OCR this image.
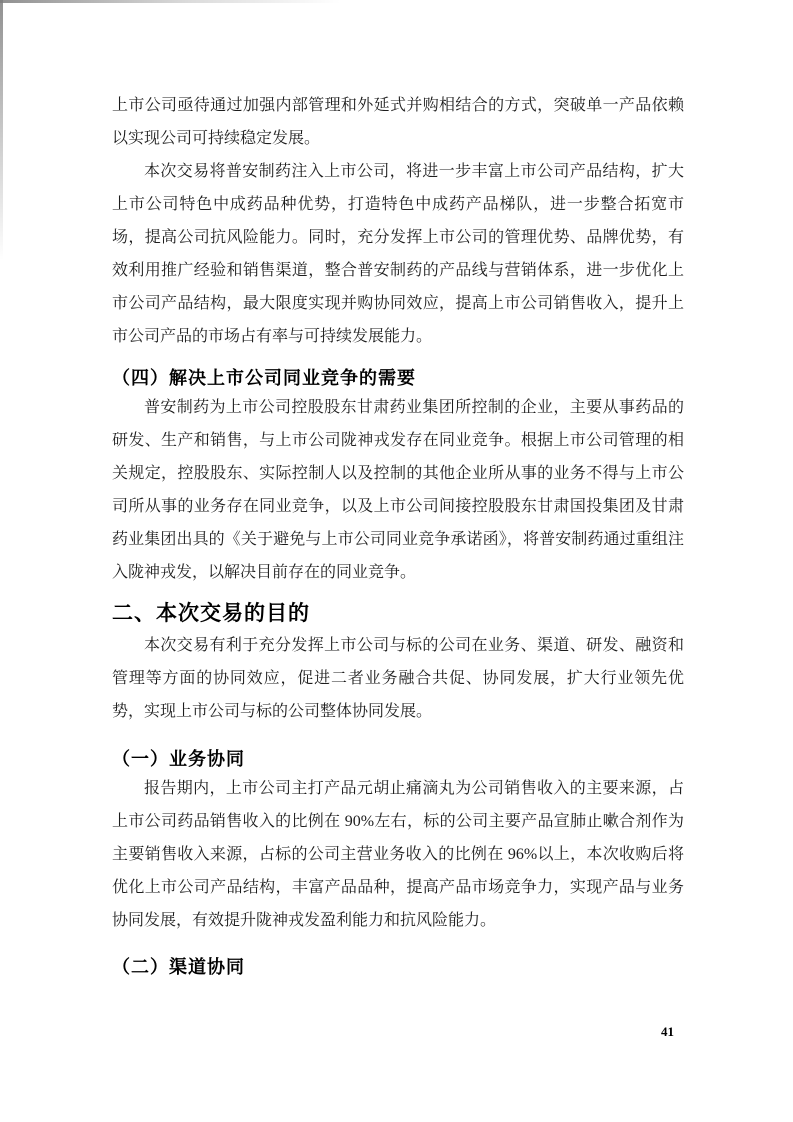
上市公司亟待通过加强内部管理和外延式并购相结合的方式，突破单一产品依赖以实现公司可持续稳定发展。

本次交易将普安制药注入上市公司，将进一步丰富上市公司产品结构，扩大上市公司特色中成药品种优势，打造特色中成药产品梯队，进一步整合拓宽市场，提高公司抗风险能力。同时，充分发挥上市公司的管理优势、品牌优势，有效利用推广经验和销售渠道，整合普安制药的产品线与营销体系，进一步优化上市公司产品结构，最大限度实现并购协同效应，提高上市公司销售收入，提升上市公司产品的市场占有率与可持续发展能力。

（四）解决上市公司同业竞争的需要

普安制药为上市公司控股股东甘肃药业集团所控制的企业，主要从事药品的研发、生产和销售，与上市公司陇神戎发存在同业竞争。根据上市公司管理的相关规定，控股股东、实际控制人以及控制的其他企业所从事的业务不得与上市公司所从事的业务存在同业竞争，以及上市公司间接控股股东甘肃国投集团及甘肃药业集团出具的《关于避免与上市公司同业竞争承诺函》，将普安制药通过重组注入陇神戎发，以解决目前存在的同业竞争。

二、本次交易的目的

本次交易有利于充分发挥上市公司与标的公司在业务、渠道、研发、融资和管理等方面的协同效应，促进二者业务融合共促、协同发展，扩大行业领先优势，实现上市公司与标的公司整体协同发展。

（一）业务协同

报告期内，上市公司主打产品元胡止痛滴丸为公司销售收入的主要来源，占上市公司药品销售收入的比例在 90%左右，标的公司主要产品宣肺止嗽合剂作为主要销售收入来源，占标的公司主营业务收入的比例在 96%以上，本次收购后将优化上市公司产品结构，丰富产品品种，提高产品市场竞争力，实现产品与业务协同发展，有效提升陇神戎发盈利能力和抗风险能力。

（二）渠道协同
41
